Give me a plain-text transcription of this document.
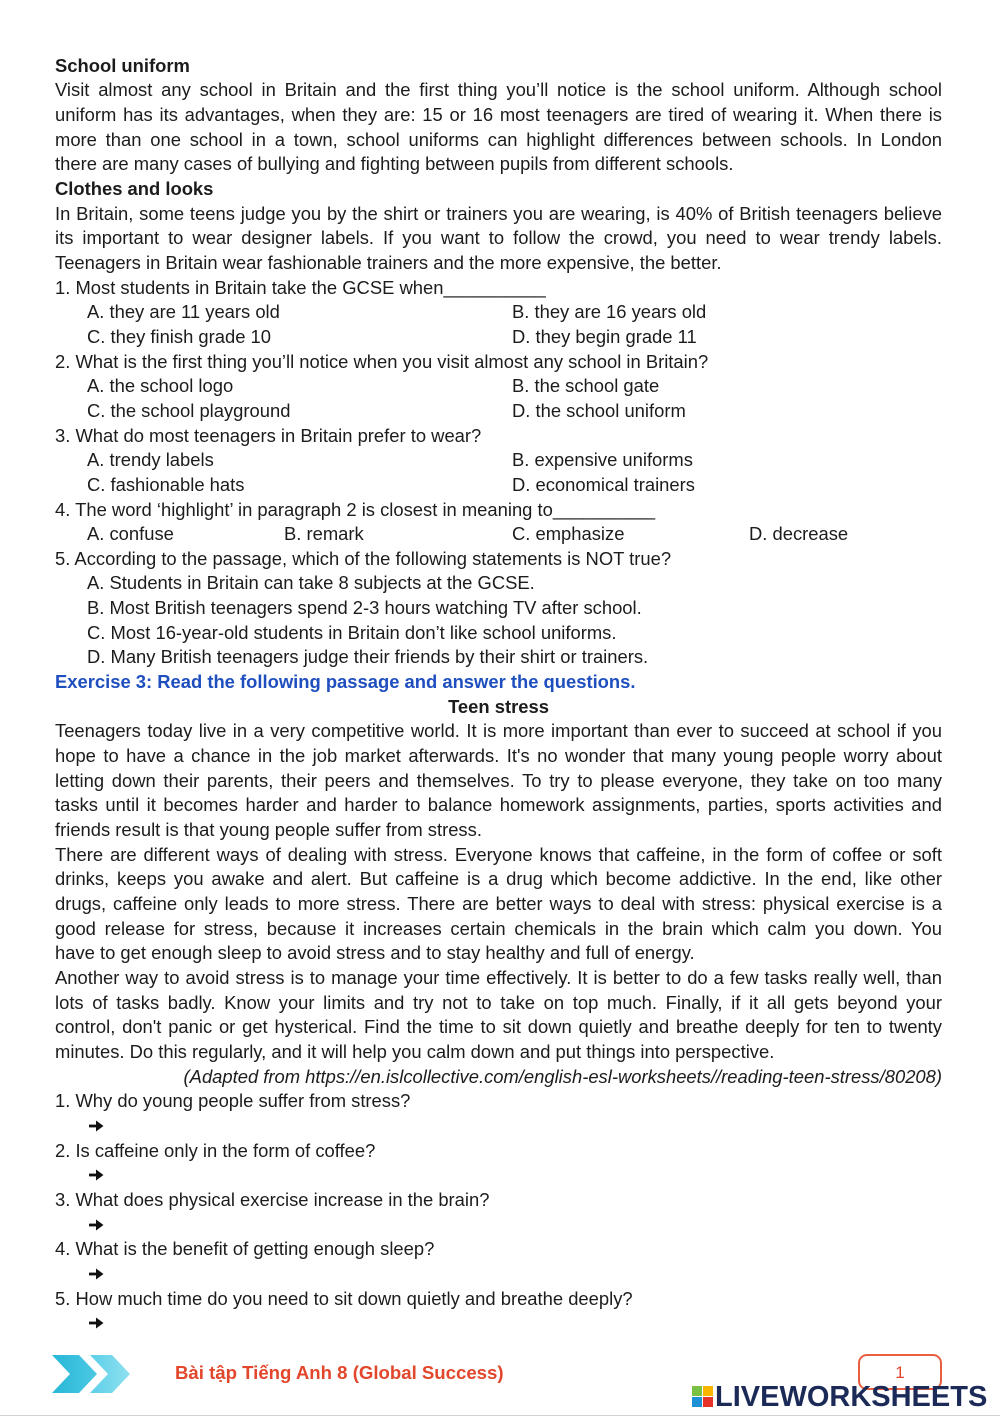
School uniform
Visit almost any school in Britain and the first thing you’ll notice is the school uniform. Although school
uniform has its advantages, when they are: 15 or 16 most teenagers are tired of wearing it. When there is
more than one school in a town, school uniforms can highlight differences between schools. In London
there are many cases of bullying and fighting between pupils from different schools.
Clothes and looks
In Britain, some teens judge you by the shirt or trainers you are wearing, is 40% of British teenagers believe
its important to wear designer labels. If you want to follow the crowd, you need to wear trendy labels.
Teenagers in Britain wear fashionable trainers and the more expensive, the better.
1. Most students in Britain take the GCSE when__________
A. they are 11 years old	B. they are 16 years old
C. they finish grade 10	D. they begin grade 11
2. What is the first thing you’ll notice when you visit almost any school in Britain?
A. the school logo	B. the school gate
C. the school playground	D. the school uniform
3. What do most teenagers in Britain prefer to wear?
A. trendy labels	B. expensive uniforms
C. fashionable hats	D. economical trainers
4. The word ‘highlight’ in paragraph 2 is closest in meaning to__________
A. confuse	B. remark	C. emphasize	D. decrease
5. According to the passage, which of the following statements is NOT true?
A. Students in Britain can take 8 subjects at the GCSE.
B. Most British teenagers spend 2-3 hours watching TV after school.
C. Most 16-year-old students in Britain don’t like school uniforms.
D. Many British teenagers judge their friends by their shirt or trainers.
Exercise 3: Read the following passage and answer the questions.
Teen stress
Teenagers today live in a very competitive world. It is more important than ever to succeed at school if you
hope to have a chance in the job market afterwards. It's no wonder that many young people worry about
letting down their parents, their peers and themselves. To try to please everyone, they take on too many
tasks until it becomes harder and harder to balance homework assignments, parties, sports activities and
friends result is that young people suffer from stress.
There are different ways of dealing with stress. Everyone knows that caffeine, in the form of coffee or soft
drinks, keeps you awake and alert. But caffeine is a drug which become addictive. In the end, like other
drugs, caffeine only leads to more stress. There are better ways to deal with stress: physical exercise is a
good release for stress, because it increases certain chemicals in the brain which calm you down. You
have to get enough sleep to avoid stress and to stay healthy and full of energy.
Another way to avoid stress is to manage your time effectively. It is better to do a few tasks really well, than
lots of tasks badly. Know your limits and try not to take on top much. Finally, if it all gets beyond your
control, don't panic or get hysterical. Find the time to sit down quietly and breathe deeply for ten to twenty
minutes. Do this regularly, and it will help you calm down and put things into perspective.
(Adapted from https://en.islcollective.com/english-esl-worksheets//reading-teen-stress/80208)
1. Why do young people suffer from stress?
2. Is caffeine only in the form of coffee?
3. What does physical exercise increase in the brain?
4. What is the benefit of getting enough sleep?
5. How much time do you need to sit down quietly and breathe deeply?
Bài tập Tiếng Anh 8 (Global Success)	1
LIVEWORKSHEETS
